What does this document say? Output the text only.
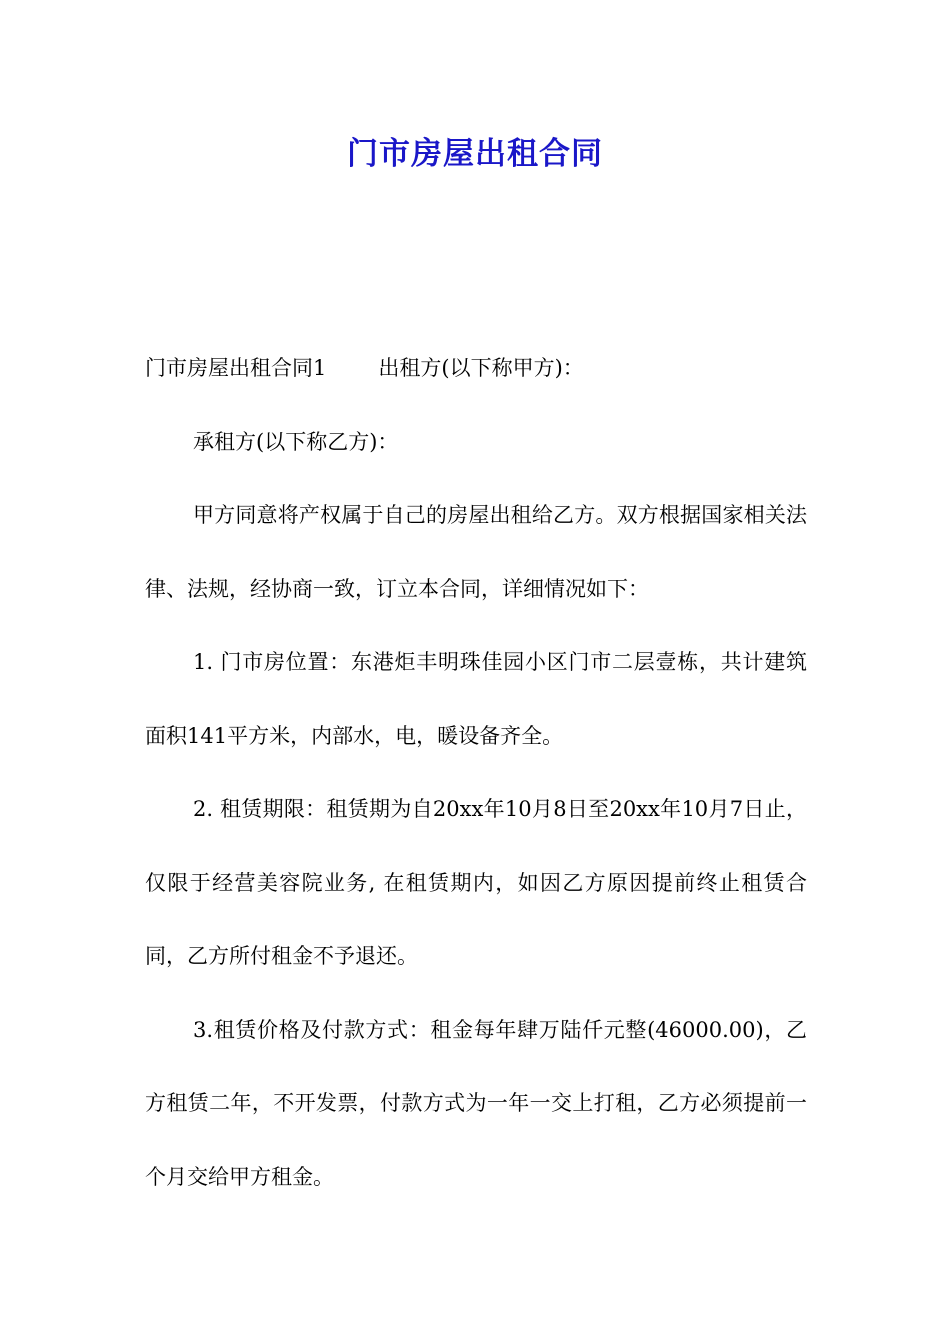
门市房屋出租合同

门市房屋出租合同1 出租方(以下称甲方)：

承租方(以下称乙方)：

甲方同意将产权属于自己的房屋出租给乙方。双方根据国家相关法律、法规，经协商一致，订立本合同，详细情况如下：

1. 门市房位置：东港炬丰明珠佳园小区门市二层壹栋，共计建筑面积141平方米，内部水，电，暖设备齐全。

2. 租赁期限：租赁期为自20xx年10月8日至20xx年10月7日止，仅限于经营美容院业务, 在租赁期内，如因乙方原因提前终止租赁合同，乙方所付租金不予退还。

3.租赁价格及付款方式：租金每年肆万陆仟元整(46000.00)，乙方租赁二年，不开发票，付款方式为一年一交上打租，乙方必须提前一个月交给甲方租金。
